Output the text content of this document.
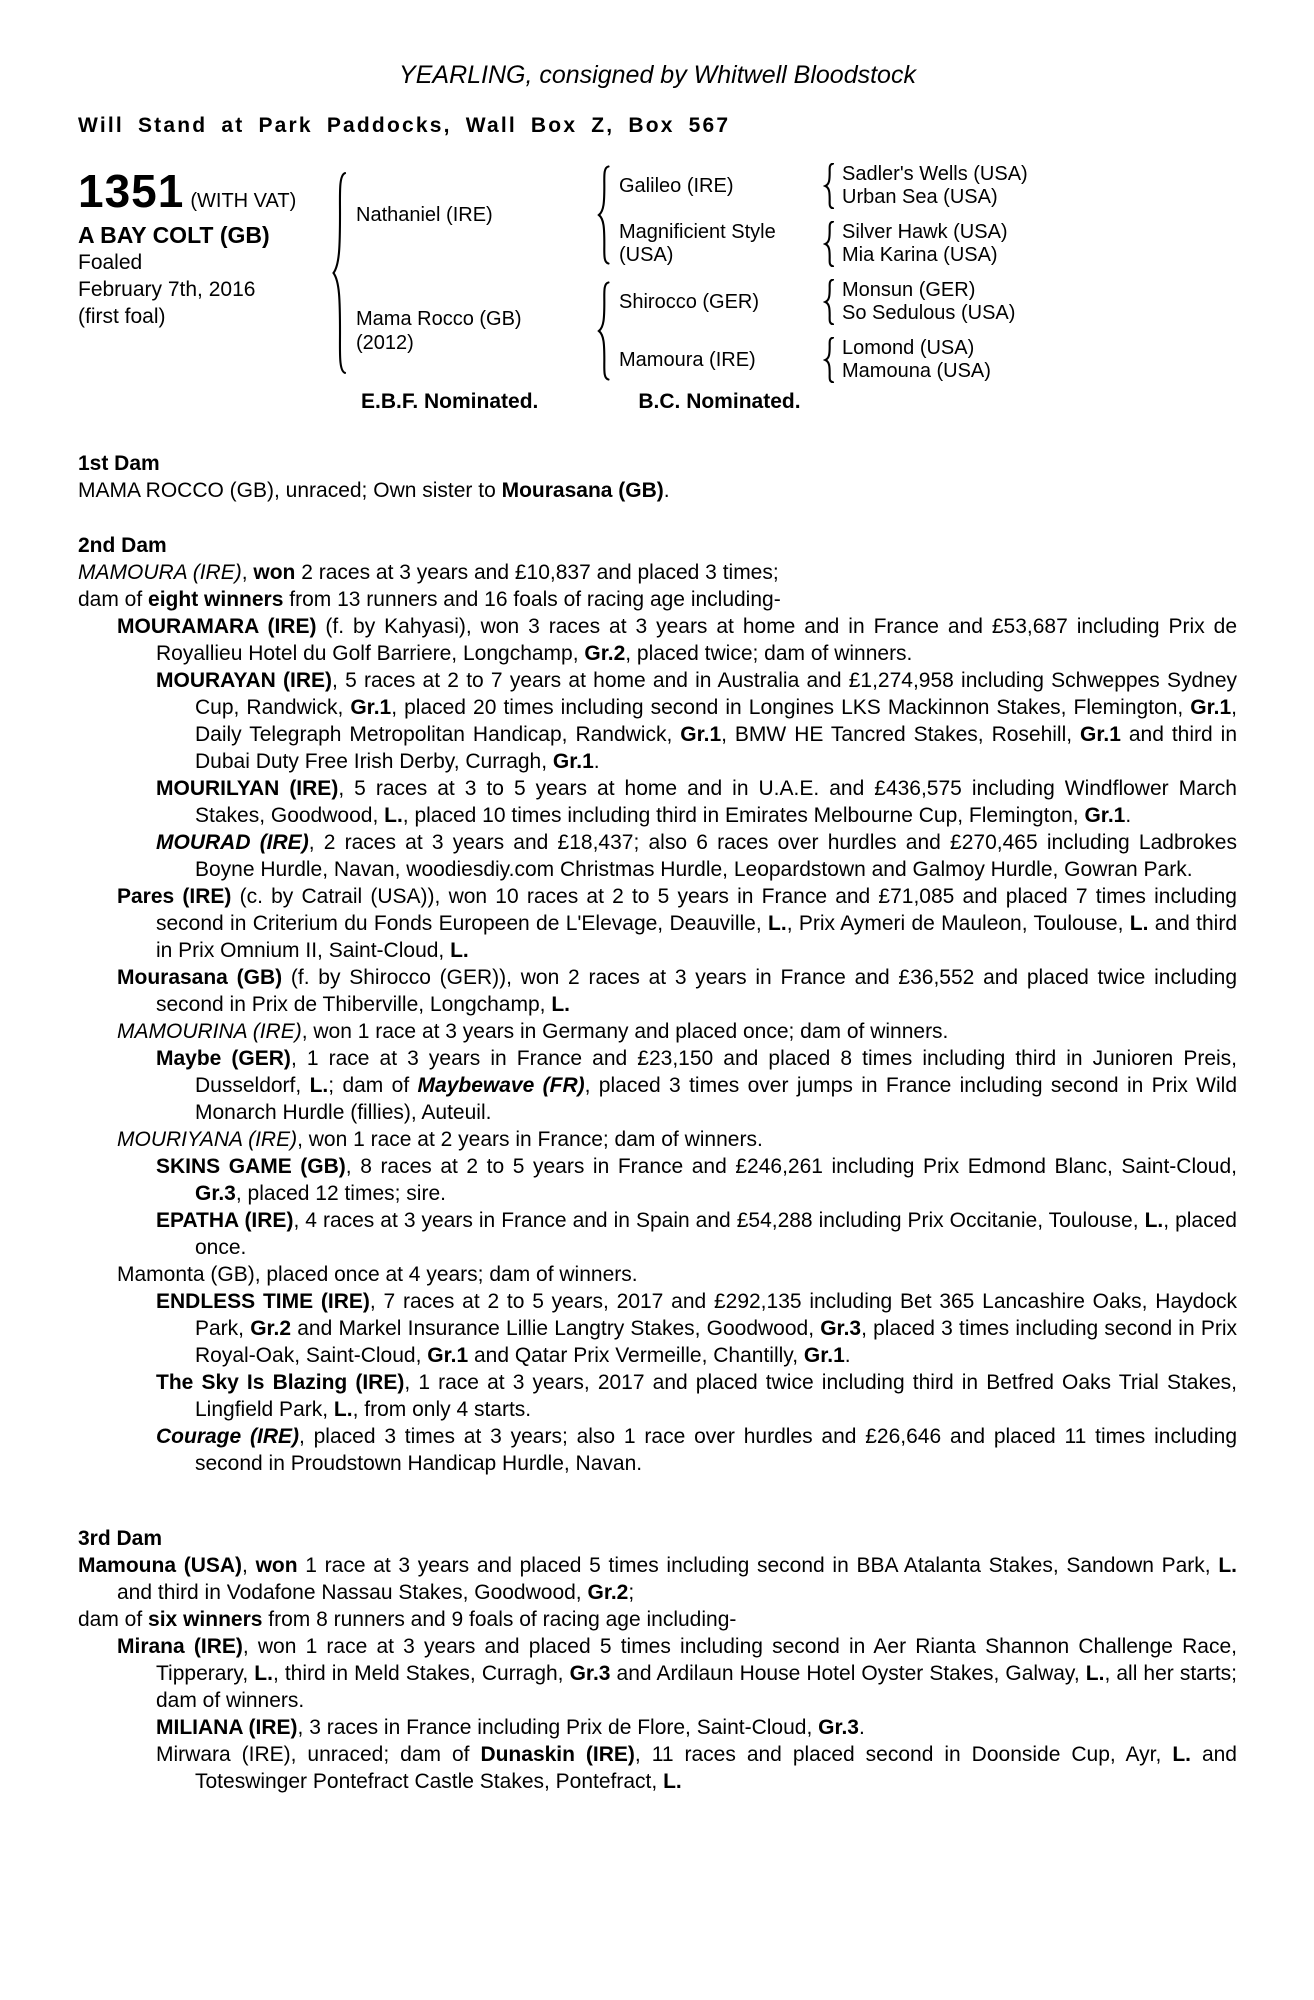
YEARLING, consigned by Whitwell Bloodstock
Will Stand at Park Paddocks, Wall Box Z, Box 567
1351 (WITH VAT)
A BAY COLT (GB)
Foaled
February 7th, 2016
(first foal)
Nathaniel (IRE)
Galileo (IRE)
Sadler's Wells (USA)
Urban Sea (USA)
Magnificient Style (USA)
Silver Hawk (USA)
Mia Karina (USA)
Mama Rocco (GB)
(2012)
Shirocco (GER)
Monsun (GER)
So Sedulous (USA)
Mamoura (IRE)
Lomond (USA)
Mamouna (USA)
E.B.F. Nominated.	B.C. Nominated.
1st Dam
MAMA ROCCO (GB), unraced; Own sister to Mourasana (GB).
2nd Dam
MAMOURA (IRE), won 2 races at 3 years and £10,837 and placed 3 times;
dam of eight winners from 13 runners and 16 foals of racing age including-
MOURAMARA (IRE) (f. by Kahyasi), won 3 races at 3 years at home and in France and £53,687 including Prix de Royallieu Hotel du Golf Barriere, Longchamp, Gr.2, placed twice; dam of winners.
MOURAYAN (IRE), 5 races at 2 to 7 years at home and in Australia and £1,274,958 including Schweppes Sydney Cup, Randwick, Gr.1, placed 20 times including second in Longines LKS Mackinnon Stakes, Flemington, Gr.1, Daily Telegraph Metropolitan Handicap, Randwick, Gr.1, BMW HE Tancred Stakes, Rosehill, Gr.1 and third in Dubai Duty Free Irish Derby, Curragh, Gr.1.
MOURILYAN (IRE), 5 races at 3 to 5 years at home and in U.A.E. and £436,575 including Windflower March Stakes, Goodwood, L., placed 10 times including third in Emirates Melbourne Cup, Flemington, Gr.1.
MOURAD (IRE), 2 races at 3 years and £18,437; also 6 races over hurdles and £270,465 including Ladbrokes Boyne Hurdle, Navan, woodiesdiy.com Christmas Hurdle, Leopardstown and Galmoy Hurdle, Gowran Park.
Pares (IRE) (c. by Catrail (USA)), won 10 races at 2 to 5 years in France and £71,085 and placed 7 times including second in Criterium du Fonds Europeen de L'Elevage, Deauville, L., Prix Aymeri de Mauleon, Toulouse, L. and third in Prix Omnium II, Saint-Cloud, L.
Mourasana (GB) (f. by Shirocco (GER)), won 2 races at 3 years in France and £36,552 and placed twice including second in Prix de Thiberville, Longchamp, L.
MAMOURINA (IRE), won 1 race at 3 years in Germany and placed once; dam of winners.
Maybe (GER), 1 race at 3 years in France and £23,150 and placed 8 times including third in Junioren Preis, Dusseldorf, L.; dam of Maybewave (FR), placed 3 times over jumps in France including second in Prix Wild Monarch Hurdle (fillies), Auteuil.
MOURIYANA (IRE), won 1 race at 2 years in France; dam of winners.
SKINS GAME (GB), 8 races at 2 to 5 years in France and £246,261 including Prix Edmond Blanc, Saint-Cloud, Gr.3, placed 12 times; sire.
EPATHA (IRE), 4 races at 3 years in France and in Spain and £54,288 including Prix Occitanie, Toulouse, L., placed once.
Mamonta (GB), placed once at 4 years; dam of winners.
ENDLESS TIME (IRE), 7 races at 2 to 5 years, 2017 and £292,135 including Bet 365 Lancashire Oaks, Haydock Park, Gr.2 and Markel Insurance Lillie Langtry Stakes, Goodwood, Gr.3, placed 3 times including second in Prix Royal-Oak, Saint-Cloud, Gr.1 and Qatar Prix Vermeille, Chantilly, Gr.1.
The Sky Is Blazing (IRE), 1 race at 3 years, 2017 and placed twice including third in Betfred Oaks Trial Stakes, Lingfield Park, L., from only 4 starts.
Courage (IRE), placed 3 times at 3 years; also 1 race over hurdles and £26,646 and placed 11 times including second in Proudstown Handicap Hurdle, Navan.
3rd Dam
Mamouna (USA), won 1 race at 3 years and placed 5 times including second in BBA Atalanta Stakes, Sandown Park, L. and third in Vodafone Nassau Stakes, Goodwood, Gr.2;
dam of six winners from 8 runners and 9 foals of racing age including-
Mirana (IRE), won 1 race at 3 years and placed 5 times including second in Aer Rianta Shannon Challenge Race, Tipperary, L., third in Meld Stakes, Curragh, Gr.3 and Ardilaun House Hotel Oyster Stakes, Galway, L., all her starts; dam of winners.
MILIANA (IRE), 3 races in France including Prix de Flore, Saint-Cloud, Gr.3.
Mirwara (IRE), unraced; dam of Dunaskin (IRE), 11 races and placed second in Doonside Cup, Ayr, L. and Toteswinger Pontefract Castle Stakes, Pontefract, L.
